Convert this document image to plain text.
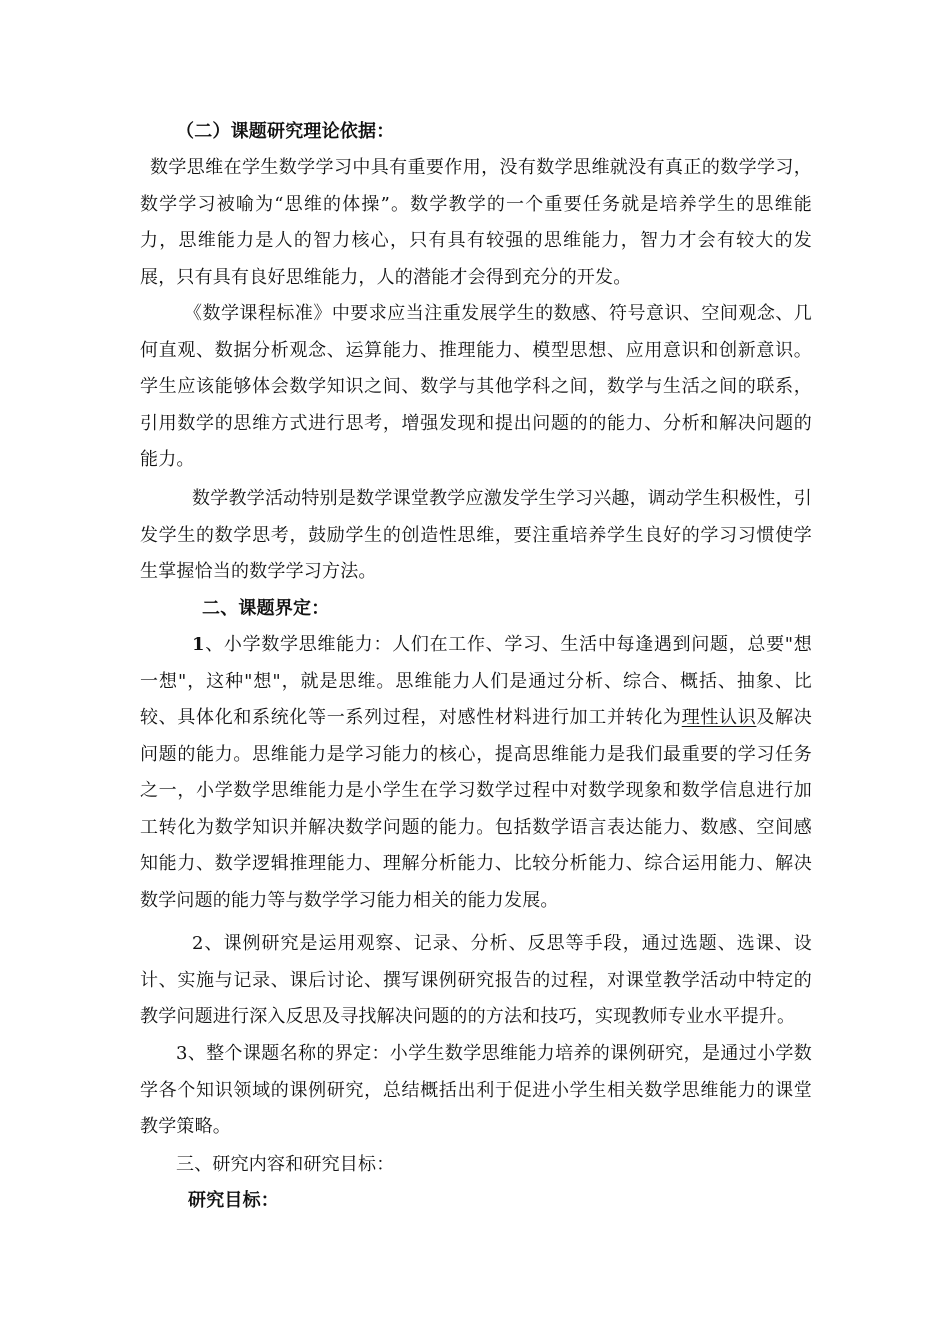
（二）课题研究理论依据：

数学思维在学生数学学习中具有重要作用，没有数学思维就没有真正的数学学习，数学学习被喻为“思维的体操”。数学教学的一个重要任务就是培养学生的思维能力，思维能力是人的智力核心，只有具有较强的思维能力，智力才会有较大的发展，只有具有良好思维能力，人的潜能才会得到充分的开发。

《数学课程标准》中要求应当注重发展学生的数感、符号意识、空间观念、几何直观、数据分析观念、运算能力、推理能力、模型思想、应用意识和创新意识。学生应该能够体会数学知识之间、数学与其他学科之间，数学与生活之间的联系，引用数学的思维方式进行思考，增强发现和提出问题的的能力、分析和解决问题的能力。

数学教学活动特别是数学课堂教学应激发学生学习兴趣，调动学生积极性，引发学生的数学思考，鼓励学生的创造性思维，要注重培养学生良好的学习习惯使学生掌握恰当的数学学习方法。

二、课题界定：

1、小学数学思维能力：人们在工作、学习、生活中每逢遇到问题，总要"想一想"，这种"想"，就是思维。思维能力人们是通过分析、综合、概括、抽象、比较、具体化和系统化等一系列过程，对感性材料进行加工并转化为理性认识及解决问题的能力。思维能力是学习能力的核心，提高思维能力是我们最重要的学习任务之一，小学数学思维能力是小学生在学习数学过程中对数学现象和数学信息进行加工转化为数学知识并解决数学问题的能力。包括数学语言表达能力、数感、空间感知能力、数学逻辑推理能力、理解分析能力、比较分析能力、综合运用能力、解决数学问题的能力等与数学学习能力相关的能力发展。

2、课例研究是运用观察、记录、分析、反思等手段，通过选题、选课、设计、实施与记录、课后讨论、撰写课例研究报告的过程，对课堂教学活动中特定的教学问题进行深入反思及寻找解决问题的的方法和技巧，实现教师专业水平提升。

3、整个课题名称的界定：小学生数学思维能力培养的课例研究，是通过小学数学各个知识领域的课例研究，总结概括出利于促进小学生相关数学思维能力的课堂教学策略。

三、研究内容和研究目标：

研究目标：
